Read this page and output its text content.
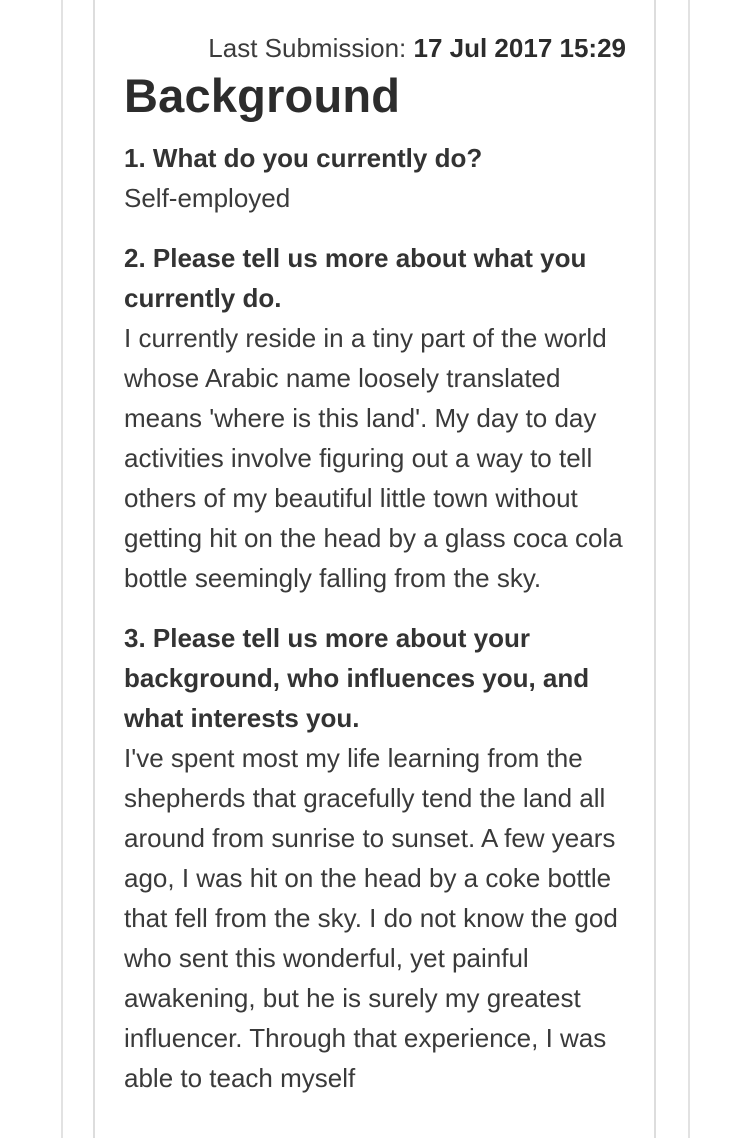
Last Submission: 17 Jul 2017 15:29
Background

1. What do you currently do?

Self-employed

2. Please tell us more about what you currently do.

I currently reside in a tiny part of the world whose Arabic name loosely translated means 'where is this land'. My day to day activities involve figuring out a way to tell others of my beautiful little town without getting hit on the head by a glass coca cola bottle seemingly falling from the sky.

3. Please tell us more about your background, who influences you, and what interests you.

I've spent most my life learning from the shepherds that gracefully tend the land all around from sunrise to sunset. A few years ago, I was hit on the head by a coke bottle that fell from the sky. I do not know the god who sent this wonderful, yet painful awakening, but he is surely my greatest influencer. Through that experience, I was able to teach myself
